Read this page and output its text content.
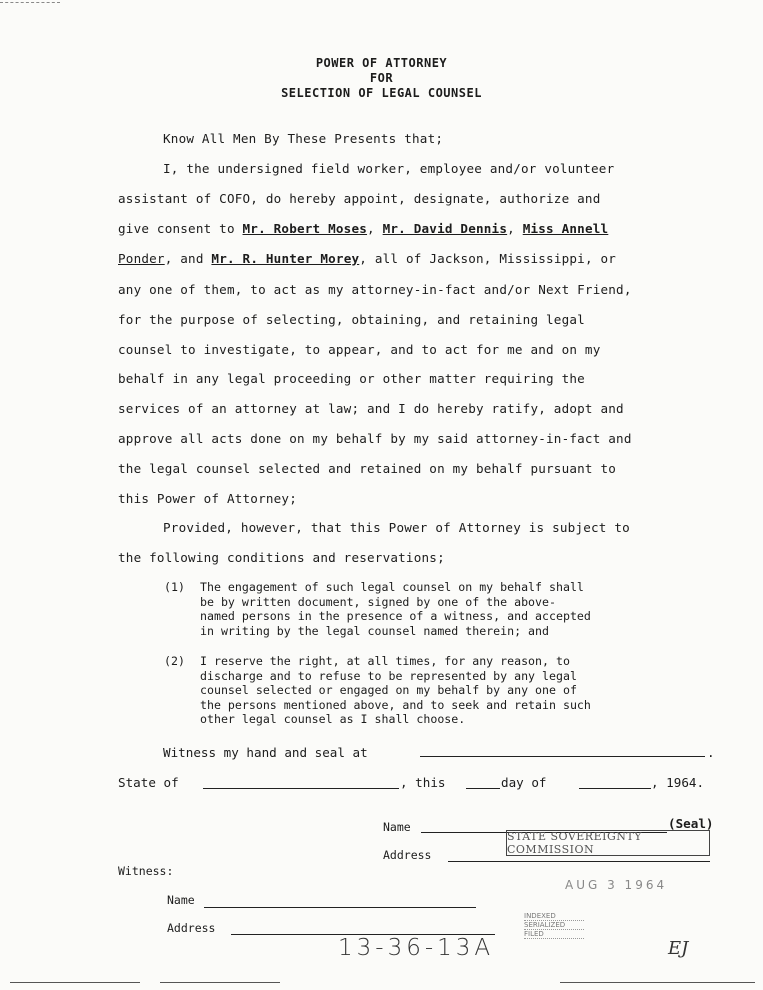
POWER OF ATTORNEY
FOR
SELECTION OF LEGAL COUNSEL
Know All Men By These Presents that;
I, the undersigned field worker, employee and/or volunteer
assistant of COFO, do hereby appoint, designate, authorize and
give consent to Mr. Robert Moses, Mr. David Dennis, Miss Annell
Ponder, and Mr. R. Hunter Morey, all of Jackson, Mississippi, or
any one of them, to act as my attorney-in-fact and/or Next Friend,
for the purpose of selecting, obtaining, and retaining legal
counsel to investigate, to appear, and to act for me and on my
behalf in any legal proceeding or other matter requiring the
services of an attorney at law; and I do hereby ratify, adopt and
approve all acts done on my behalf by my said attorney-in-fact and
the legal counsel selected and retained on my behalf pursuant to
this Power of Attorney;
Provided, however, that this Power of Attorney is subject to
the following conditions and reservations;
(1) The engagement of such legal counsel on my behalf shall
be by written document, signed by one of the above-
named persons in the presence of a witness, and accepted
in writing by the legal counsel named therein; and
(2) I reserve the right, at all times, for any reason, to
discharge and to refuse to be represented by any legal
counsel selected or engaged on my behalf by any one of
the persons mentioned above, and to seek and retain such
other legal counsel as I shall choose.
Witness my hand and seal at	.
State of	, this	day of	, 1964.
Name	(Seal)
Address
STATE SOVEREIGNTY COMMISSION
Witness:
Name
Address
AUG 3 1964
INDEXED
SERIALIZED
FILED
13-36-13A	EJ
